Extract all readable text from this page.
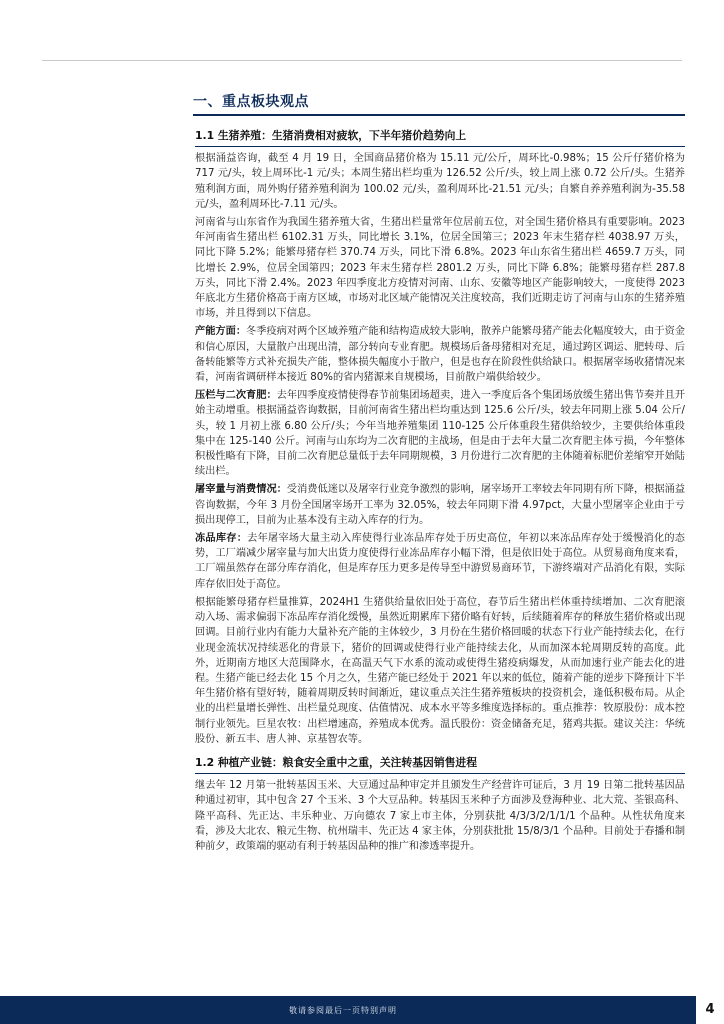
一、重点板块观点
1.1 生猪养殖：生猪消费相对疲软，下半年猪价趋势向上

根据涌益咨询，截至 4 月 19 日，全国商品猪价格为 15.11 元/公斤，周环比-0.98%；15 公斤仔猪价格为 717 元/头，较上周环比-1 元/头；本周生猪出栏均重为 126.52 公斤/头，较上周上涨 0.72 公斤/头。生猪养殖利润方面，周外购仔猪养殖利润为 100.02 元/头，盈利周环比-21.51 元/头；自繁自养养殖利润为-35.58 元/头，盈利周环比-7.11 元/头。

河南省与山东省作为我国生猪养殖大省，生猪出栏量常年位居前五位，对全国生猪价格具有重要影响。2023 年河南省生猪出栏 6102.31 万头，同比增长 3.1%，位居全国第三；2023 年末生猪存栏 4038.97 万头，同比下降 5.2%；能繁母猪存栏 370.74 万头，同比下滑 6.8%。2023 年山东省生猪出栏 4659.7 万头，同比增长 2.9%，位居全国第四；2023 年末生猪存栏 2801.2 万头，同比下降 6.8%；能繁母猪存栏 287.8 万头，同比下滑 2.4%。2023 年四季度北方疫情对河南、山东、安徽等地区产能影响较大，一度使得 2023 年底北方生猪价格高于南方区域，市场对北区域产能情况关注度较高，我们近期走访了河南与山东的生猪养殖市场，并且得到以下信息。

产能方面：冬季疫病对两个区域养殖产能和结构造成较大影响，散养户能繁母猪产能去化幅度较大，由于资金和信心原因，大量散户出现出清，部分转向专业育肥。规模场后备母猪相对充足，通过跨区调运、肥转母、后备转能繁等方式补充损失产能，整体损失幅度小于散户，但是也存在阶段性供给缺口。根据屠宰场收猪情况来看，河南省调研样本接近 80%的省内猪源来自规模场，目前散户端供给较少。

压栏与二次育肥：去年四季度疫情使得春节前集团场超卖，进入一季度后各个集团场放缓生猪出售节奏并且开始主动增重。根据涌益咨询数据，目前河南省生猪出栏均重达到 125.6 公斤/头，较去年同期上涨 5.04 公斤/头，较 1 月初上涨 6.80 公斤/头；今年当地养殖集团 110-125 公斤体重段生猪供给较少，主要供给体重段集中在 125-140 公斤。河南与山东均为二次育肥的主战场，但是由于去年大量二次育肥主体亏损，今年整体积极性略有下降，目前二次育肥总量低于去年同期规模，3 月份进行二次育肥的主体随着标肥价差缩窄开始陆续出栏。

屠宰量与消费情况：受消费低迷以及屠宰行业竞争激烈的影响，屠宰场开工率较去年同期有所下降，根据涌益咨询数据，今年 3 月份全国屠宰场开工率为 32.05%，较去年同期下滑 4.97pct，大量小型屠宰企业由于亏损出现停工，目前为止基本没有主动入库存的行为。

冻品库存：去年屠宰场大量主动入库使得行业冻品库存处于历史高位，年初以来冻品库存处于缓慢消化的态势，工厂端减少屠宰量与加大出货力度使得行业冻品库存小幅下滑，但是依旧处于高位。从贸易商角度来看，工厂端虽然存在部分库存消化，但是库存压力更多是传导至中游贸易商环节，下游终端对产品消化有限，实际库存依旧处于高位。

根据能繁母猪存栏量推算，2024H1 生猪供给量依旧处于高位，春节后生猪出栏体重持续增加、二次育肥滚动入场、需求偏弱下冻品库存消化缓慢，虽然近期累库下猪价略有好转，后续随着库存的释放生猪价格或出现回调。目前行业内有能力大量补充产能的主体较少，3 月份在生猪价格回暖的状态下行业产能持续去化，在行业现金流状况持续恶化的背景下，猪价的回调或使得行业产能持续去化，从而加深本轮周期反转的高度。此外，近期南方地区大范围降水，在高温天气下水系的流动或使得生猪疫病爆发，从而加速行业产能去化的进程。生猪产能已经去化 15 个月之久，生猪产能已经处于 2021 年以来的低位，随着产能的逆步下降预计下半年生猪价格有望好转，随着周期反转时间渐近，建议重点关注生猪养殖板块的投资机会，逢低积极布局。从企业的出栏量增长弹性、出栏量兑现度、估值情况、成本水平等多维度选择标的。重点推荐：牧原股份：成本控制行业领先。巨星农牧：出栏增速高，养殖成本优秀。温氏股份：资金储备充足，猪鸡共振。建议关注：华统股份、新五丰、唐人神、京基智农等。

1.2 种植产业链：粮食安全重中之重，关注转基因销售进程

继去年 12 月第一批转基因玉米、大豆通过品种审定并且颁发生产经营许可证后，3 月 19 日第二批转基因品种通过初审，其中包含 27 个玉米、3 个大豆品种。转基因玉米种子方面涉及登海种业、北大荒、荃银高科、隆平高科、先正达、丰乐种业、万向德农 7 家上市主体，分别获批 4/3/3/2/1/1/1 个品种。从性状角度来看，涉及大北农、粮元生物、杭州瑞丰、先正达 4 家主体，分别获批批 15/8/3/1 个品种。目前处于春播和制种前夕，政策端的驱动有利于转基因品种的推广和渗透率提升。

敬请参阅最后一页特别声明	4
